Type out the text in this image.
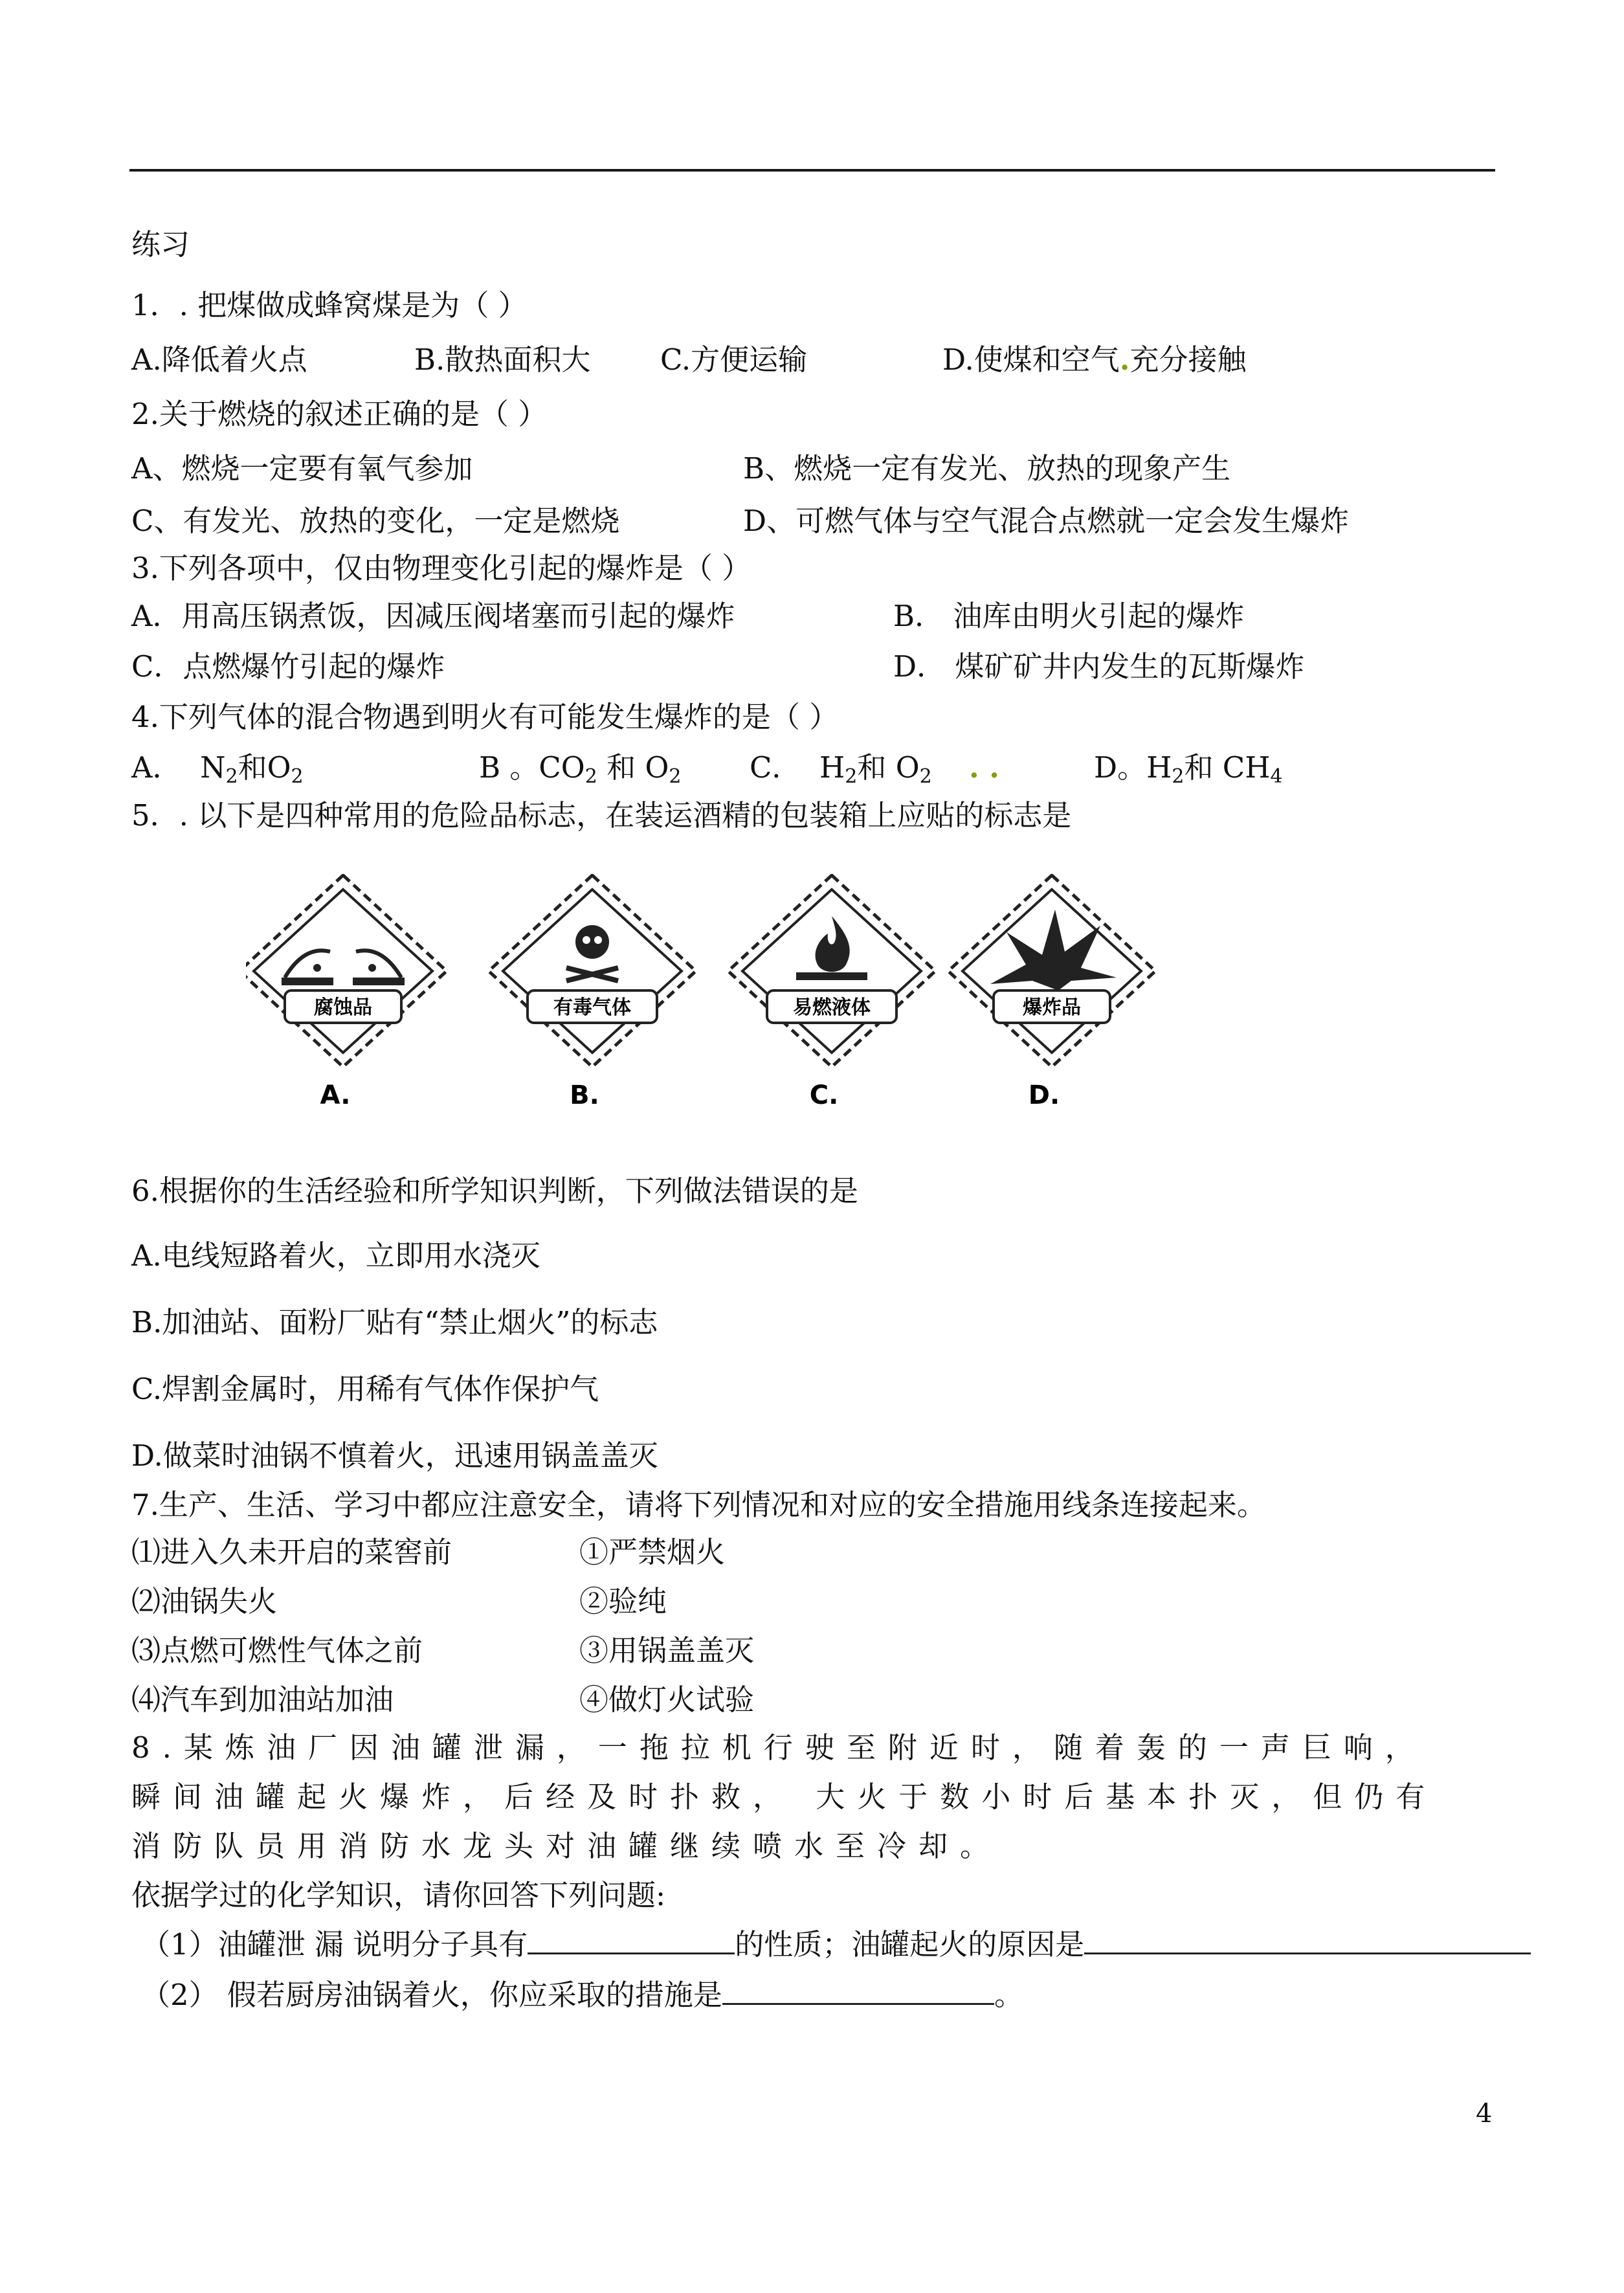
练习
1．. 把煤做成蜂窝煤是为（ ）
A.降低着火点	B.散热面积大 C.方便运输	D.使煤和空气.充分接触
2.关于燃烧的叙述正确的是（ ）
A、燃烧一定要有氧气参加	B、燃烧一定有发光、放热的现象产生
C、有发光、放热的变化，一定是燃烧	D、可燃气体与空气混合点燃就一定会发生爆炸
3.下列各项中，仅由物理变化引起的爆炸是（ ）
A．用高压锅煮饭，因减压阀堵塞而引起的爆炸	B． 油库由明火引起的爆炸
C．点燃爆竹引起的爆炸	D． 煤矿矿井内发生的瓦斯爆炸
4.下列气体的混合物遇到明火有可能发生爆炸的是（ ）
A． $N_2$和$O_2$	B 。$CO_2$ 和 $O_2$ C． $H_2$和 $O_2$ . .	D。$H_2$和 $CH_4$
5．. 以下是四种常用的危险品标志，在装运酒精的包装箱上应贴的标志是
腐蚀品
A.
有毒气体
B.
易燃液体
C.
爆炸品
D.
6.根据你的生活经验和所学知识判断，下列做法错误的是
A.电线短路着火，立即用水浇灭
B.加油站、面粉厂贴有“禁止烟火”的标志
C.焊割金属时，用稀有气体作保护气
D.做菜时油锅不慎着火，迅速用锅盖盖灭
7.生产、生活、学习中都应注意安全，请将下列情况和对应的安全措施用线条连接起来。
⑴进入久未开启的菜窖前	①严禁烟火
⑵油锅失火	②验纯
⑶点燃可燃性气体之前	③用锅盖盖灭
⑷汽车到加油站加油	④做灯火试验
8.某炼油厂因油罐泄漏，一拖拉机行驶至附近时，随着轰的一声巨响，
瞬间油罐起火爆炸，后经及时扑救， 大火于数小时后基本扑灭，但仍有
消防队员用消防水龙头对油罐继续喷水至冷却。
依据学过的化学知识，请你回答下列问题:
（1）油罐泄 漏 说明分子具有	的性质；油罐起火的原因是
（2） 假若厨房油锅着火，你应采取的措施是	。
4
